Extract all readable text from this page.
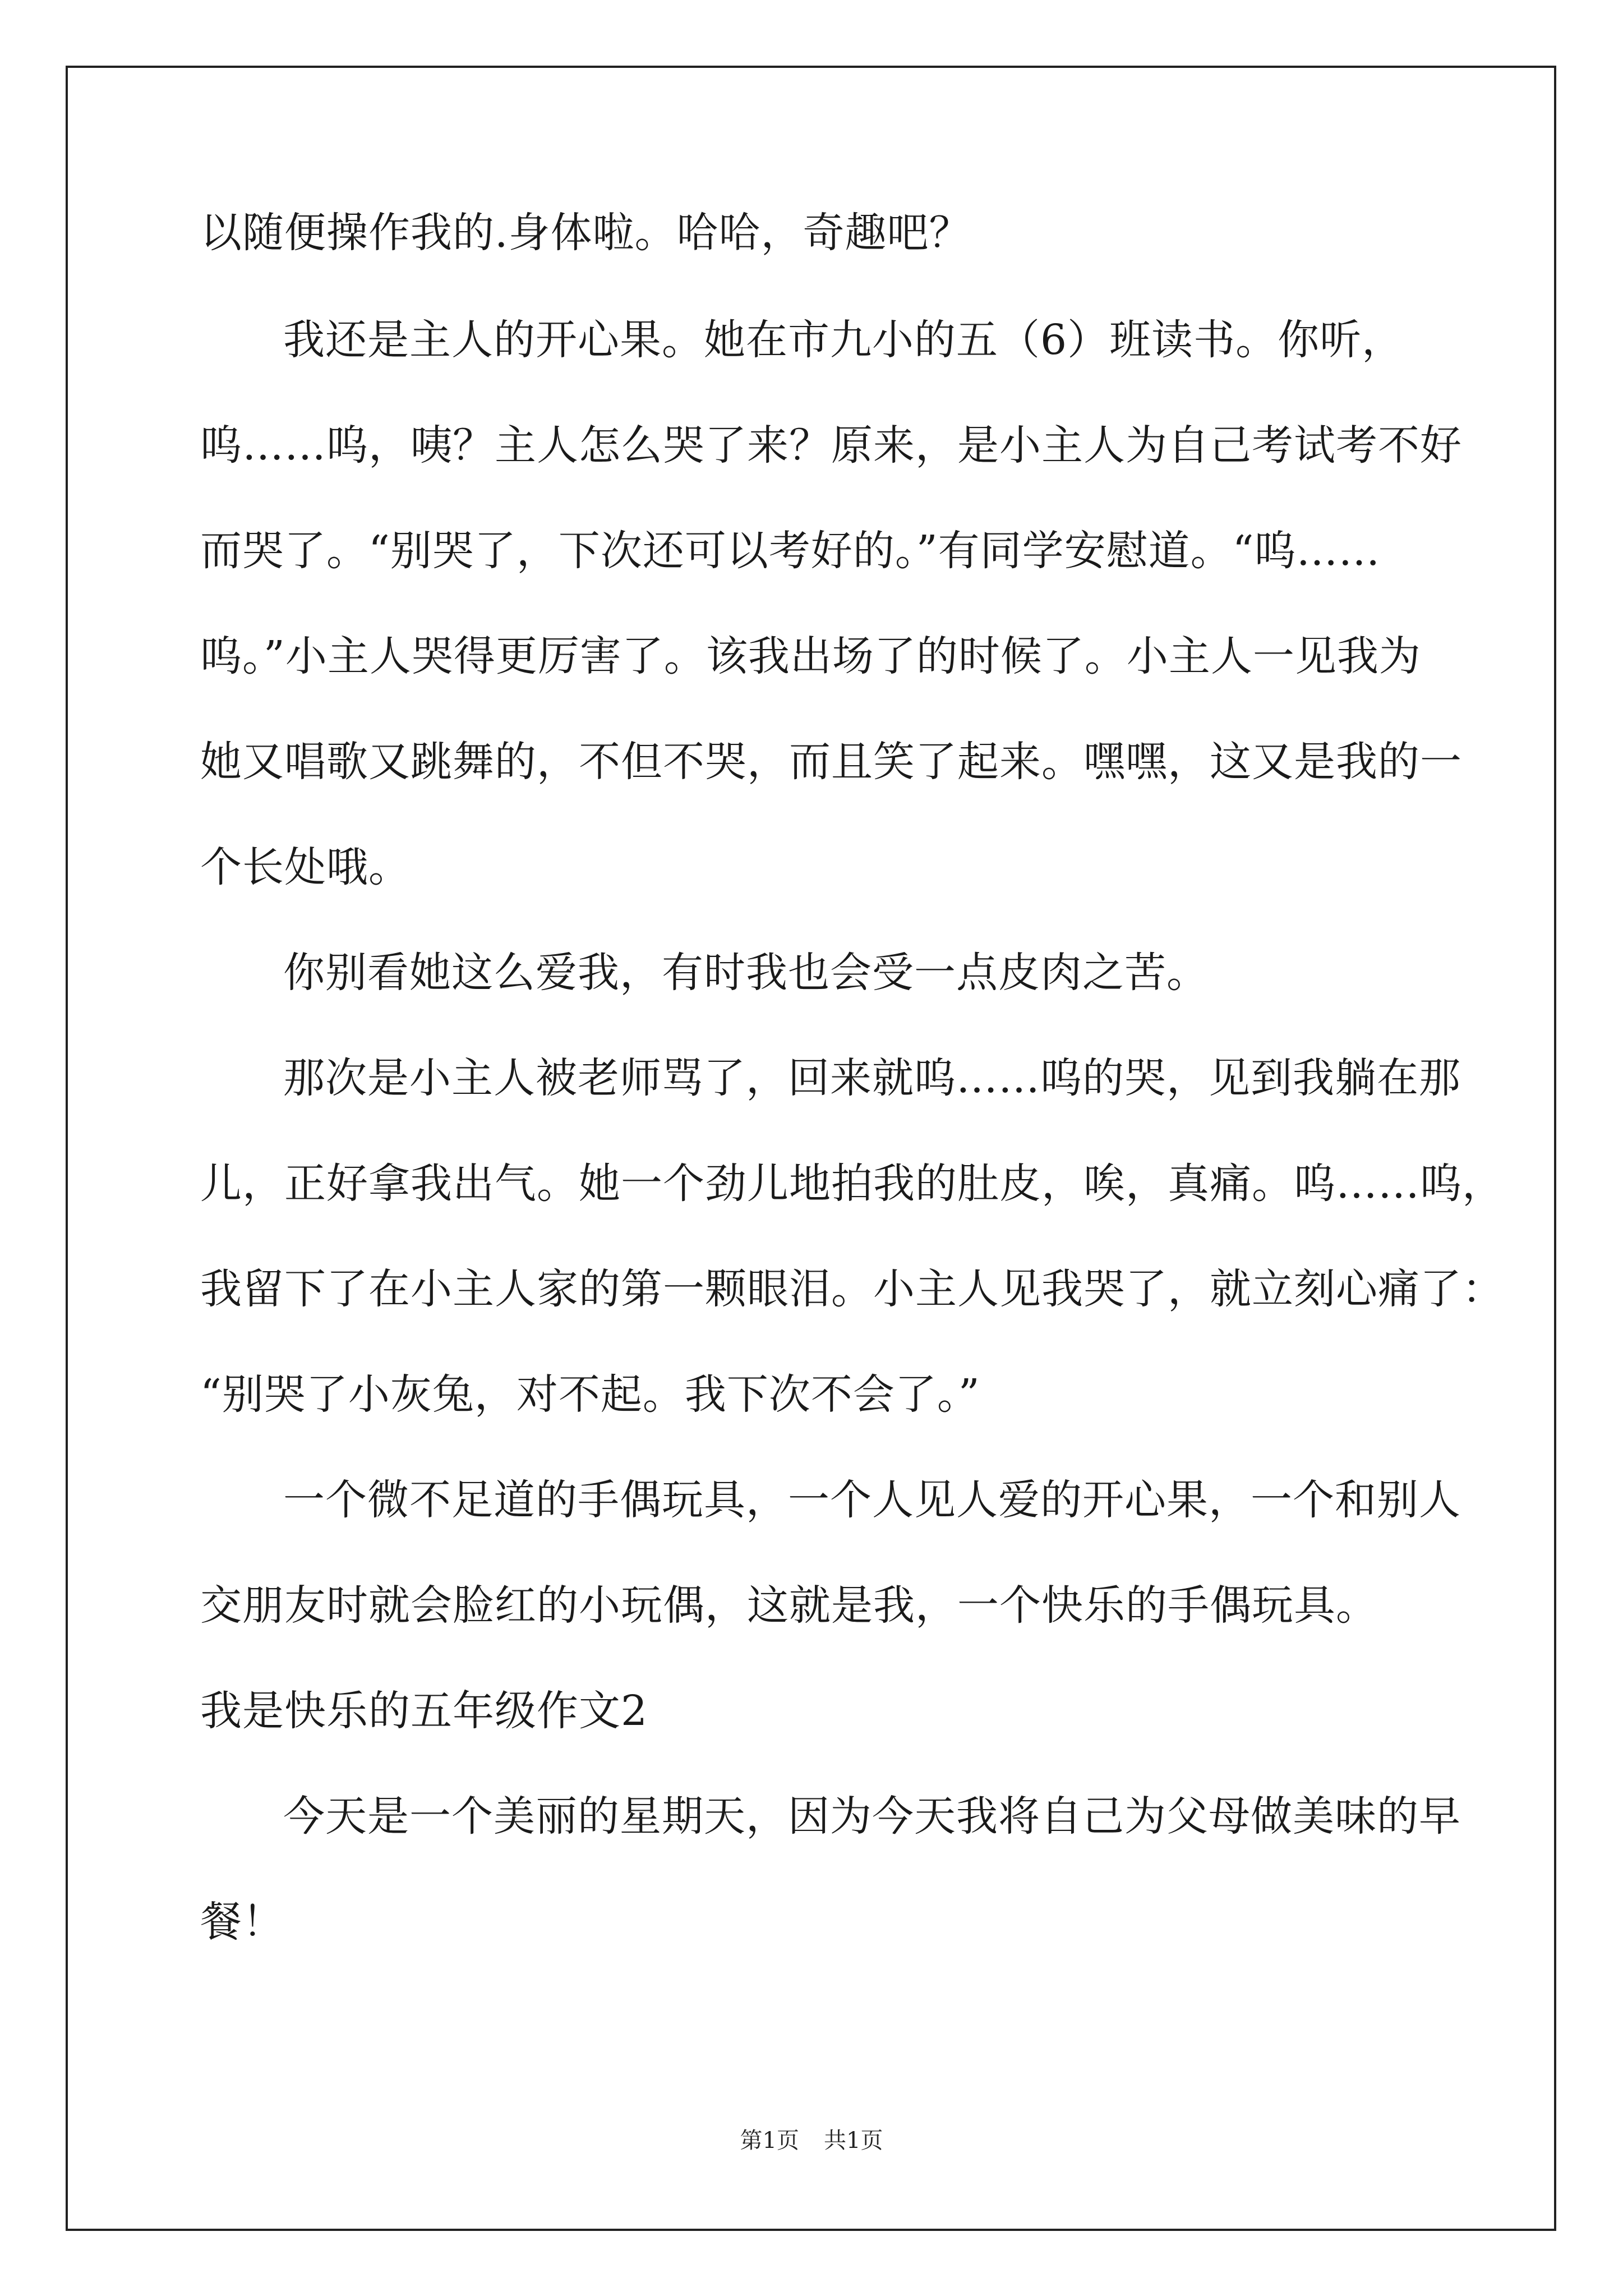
以随便操作我的.身体啦。哈哈，奇趣吧？
我还是主人的开心果。她在市九小的五（6）班读书。你听，
呜……呜，咦？主人怎么哭了来？原来，是小主人为自己考试考不好
而哭了。“别哭了，下次还可以考好的。”有同学安慰道。“呜……
呜。”小主人哭得更厉害了。该我出场了的时候了。小主人一见我为
她又唱歌又跳舞的，不但不哭，而且笑了起来。嘿嘿，这又是我的一
个长处哦。
你别看她这么爱我，有时我也会受一点皮肉之苦。
那次是小主人被老师骂了，回来就呜……呜的哭，见到我躺在那
儿，正好拿我出气。她一个劲儿地拍我的肚皮，唉，真痛。呜……呜，
我留下了在小主人家的第一颗眼泪。小主人见我哭了，就立刻心痛了：
“别哭了小灰兔，对不起。我下次不会了。”
一个微不足道的手偶玩具，一个人见人爱的开心果，一个和别人
交朋友时就会脸红的小玩偶，这就是我，一个快乐的手偶玩具。
我是快乐的五年级作文2
今天是一个美丽的星期天，因为今天我将自己为父母做美味的早
餐！
第1页 共1页
